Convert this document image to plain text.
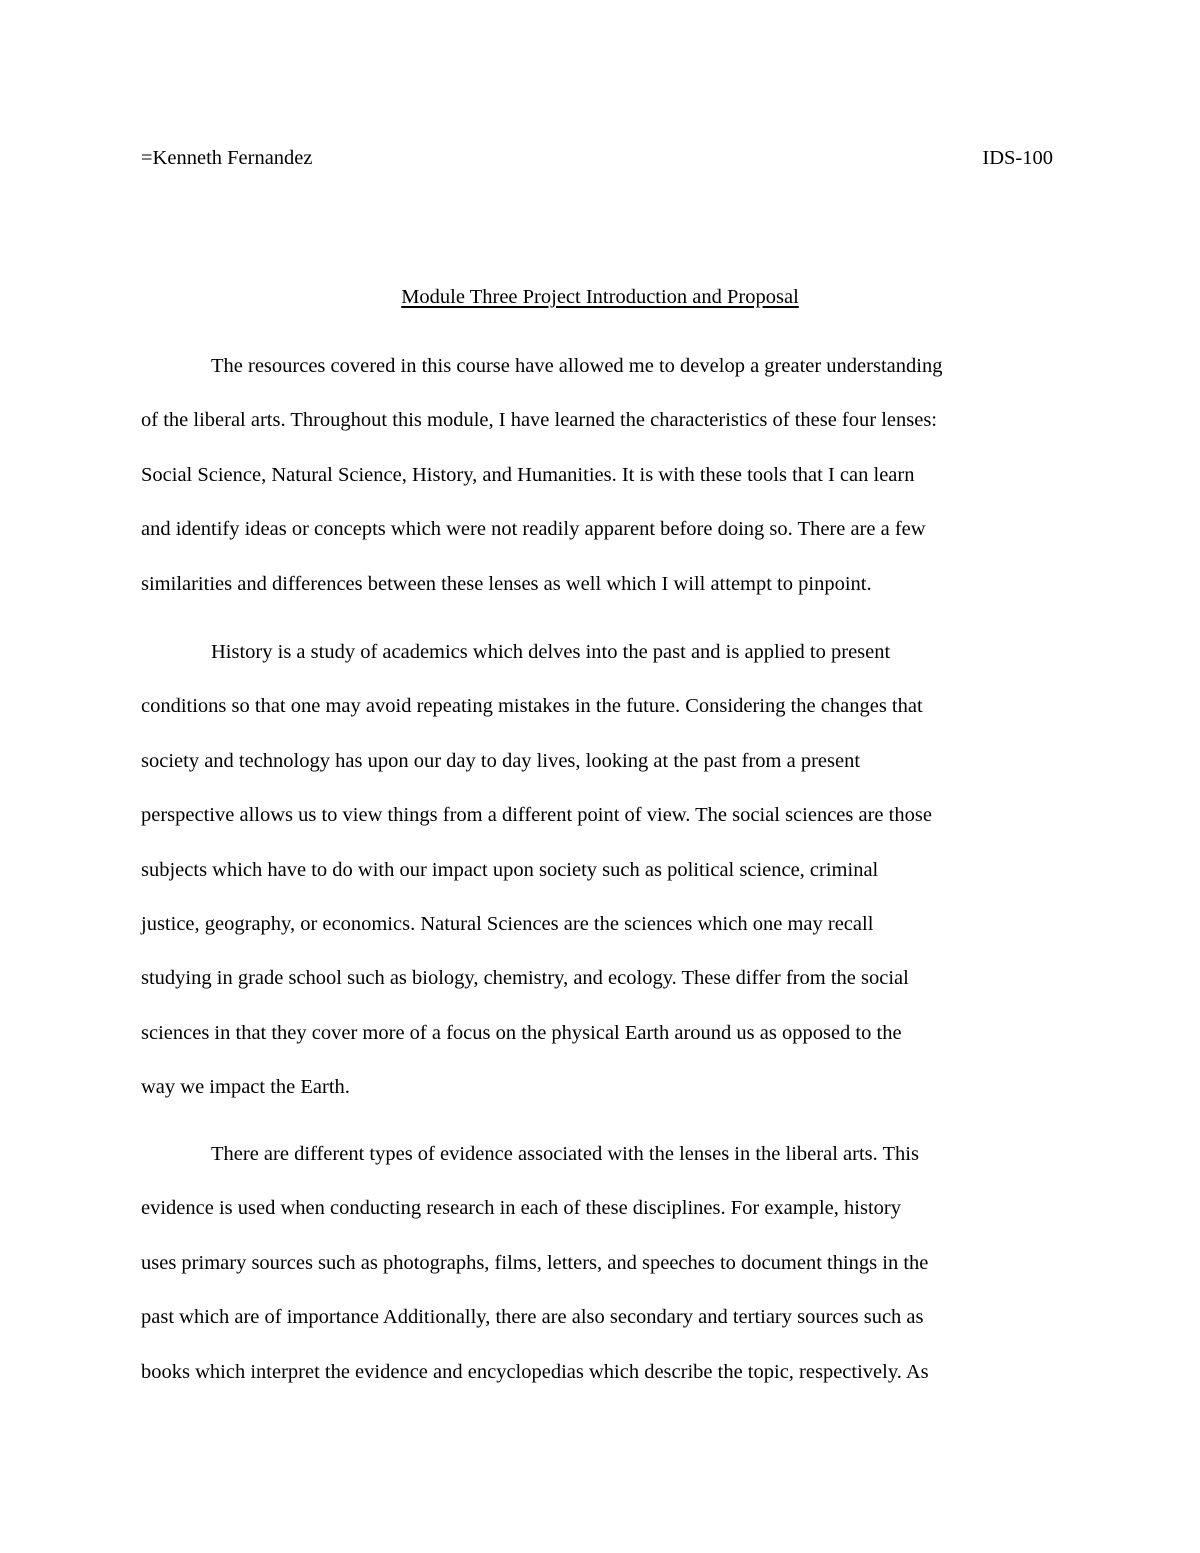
=Kenneth Fernandez	IDS-100
Module Three Project Introduction and Proposal
The resources covered in this course have allowed me to develop a greater understanding
of the liberal arts. Throughout this module, I have learned the characteristics of these four lenses:
Social Science, Natural Science, History, and Humanities. It is with these tools that I can learn
and identify ideas or concepts which were not readily apparent before doing so. There are a few
similarities and differences between these lenses as well which I will attempt to pinpoint.
History is a study of academics which delves into the past and is applied to present
conditions so that one may avoid repeating mistakes in the future. Considering the changes that
society and technology has upon our day to day lives, looking at the past from a present
perspective allows us to view things from a different point of view. The social sciences are those
subjects which have to do with our impact upon society such as political science, criminal
justice, geography, or economics. Natural Sciences are the sciences which one may recall
studying in grade school such as biology, chemistry, and ecology. These differ from the social
sciences in that they cover more of a focus on the physical Earth around us as opposed to the
way we impact the Earth.
There are different types of evidence associated with the lenses in the liberal arts. This
evidence is used when conducting research in each of these disciplines. For example, history
uses primary sources such as photographs, films, letters, and speeches to document things in the
past which are of importance Additionally, there are also secondary and tertiary sources such as
books which interpret the evidence and encyclopedias which describe the topic, respectively. As
